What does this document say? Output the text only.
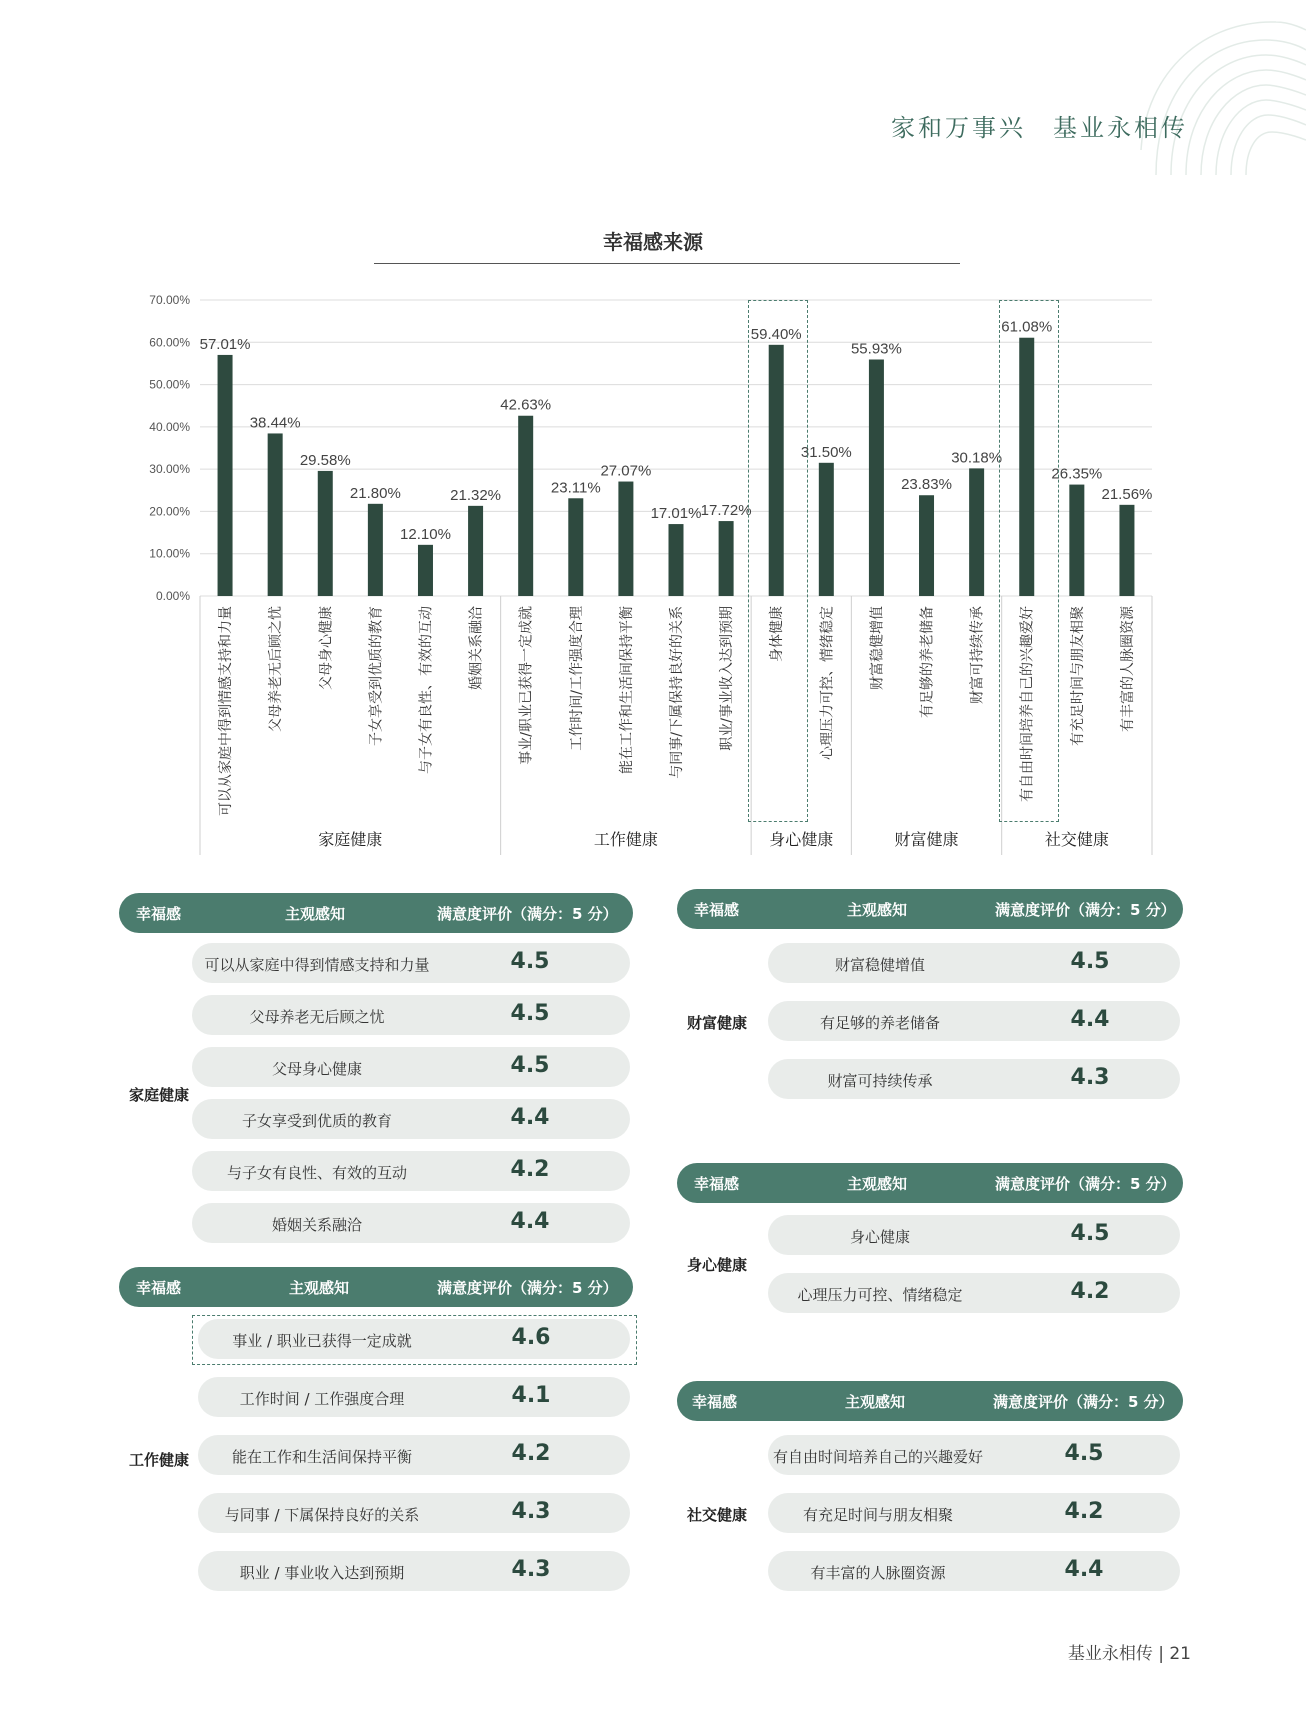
家和万事兴　基业永相传
幸福感来源
0.00%
10.00%
20.00%
30.00%
40.00%
50.00%
60.00%
70.00%
57.01%
可以从家庭中得到情感支持和力量
38.44%
父母养老无后顾之忧
29.58%
父母身心健康
21.80%
子女享受到优质的教育
12.10%
与子女有良性、有效的互动
21.32%
婚姻关系融洽
42.63%
事业/职业已获得一定成就
23.11%
工作时间/工作强度合理
27.07%
能在工作和生活间保持平衡
17.01%
与同事/下属保持良好的关系
17.72%
职业/事业收入达到预期
59.40%
身体健康
31.50%
心理压力可控、情绪稳定
55.93%
财富稳健增值
23.83%
有足够的养老储备
30.18%
财富可持续传承
61.08%
有自由时间培养自己的兴趣爱好
26.35%
有充足时间与朋友相聚
21.56%
有丰富的人脉圈资源
家庭健康	工作健康	身心健康	财富健康	社交健康
幸福感	主观感知	满意度评价（满分：5 分）
家庭健康
可以从家庭中得到情感支持和力量	4.5
父母养老无后顾之忧	4.5
父母身心健康	4.5
子女享受到优质的教育	4.4
与子女有良性、有效的互动	4.2
婚姻关系融洽	4.4
幸福感	主观感知	满意度评价（满分：5 分）
工作健康
事业 / 职业已获得一定成就	4.6
工作时间 / 工作强度合理	4.1
能在工作和生活间保持平衡	4.2
与同事 / 下属保持良好的关系	4.3
职业 / 事业收入达到预期	4.3
幸福感	主观感知	满意度评价（满分：5 分）
财富健康
财富稳健增值	4.5
有足够的养老储备	4.4
财富可持续传承	4.3
幸福感	主观感知	满意度评价（满分：5 分）
身心健康
身心健康	4.5
心理压力可控、情绪稳定	4.2
幸福感	主观感知	满意度评价（满分：5 分）
社交健康
有自由时间培养自己的兴趣爱好	4.5
有充足时间与朋友相聚	4.2
有丰富的人脉圈资源	4.4
基业永相传 | 21
